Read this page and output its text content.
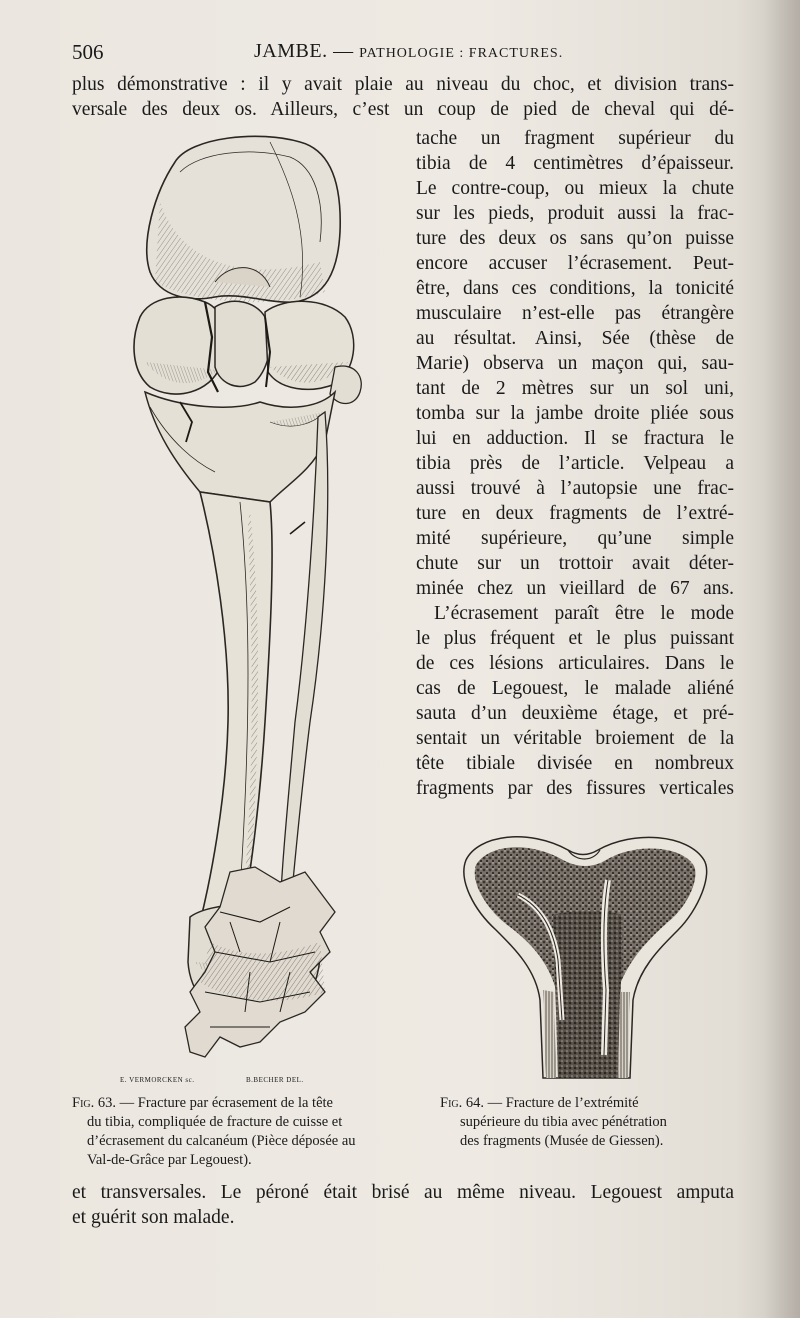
506	JAMBE. — PATHOLOGIE : FRACTURES.
plus démonstrative : il y avait plaie au niveau du choc, et division trans-
versale des deux os. Ailleurs, c’est un coup de pied de cheval qui dé-
tache un fragment supérieur du
tibia de 4 centimètres d’épaisseur.
Le contre-coup, ou mieux la chute
sur les pieds, produit aussi la frac-
ture des deux os sans qu’on puisse
encore accuser l’écrasement. Peut-
être, dans ces conditions, la tonicité
musculaire n’est-elle pas étrangère
au résultat. Ainsi, Sée (thèse de
Marie) observa un maçon qui, sau-
tant de 2 mètres sur un sol uni,
tomba sur la jambe droite pliée sous
lui en adduction. Il se fractura le
tibia près de l’article. Velpeau a
aussi trouvé à l’autopsie une frac-
ture en deux fragments de l’extré-
mité supérieure, qu’une simple
chute sur un trottoir avait déter-
minée chez un vieillard de 67 ans.
L’écrasement paraît être le mode
le plus fréquent et le plus puissant
de ces lésions articulaires. Dans le
cas de Legouest, le malade aliéné
sauta d’un deuxième étage, et pré-
sentait un véritable broiement de la
tête tibiale divisée en nombreux
fragments par des fissures verticales
E. VERMORCKEN sc.	B.BECHER DEL.
Fig. 63. — Fracture par écrasement de la tête
du tibia, compliquée de fracture de cuisse et
d’écrasement du calcanéum (Pièce déposée au
Val-de-Grâce par Legouest).
Fig. 64. — Fracture de l’extrémité
supérieure du tibia avec pénétration
des fragments (Musée de Giessen).
et transversales. Le péroné était brisé au même niveau. Legouest amputa
et guérit son malade.
